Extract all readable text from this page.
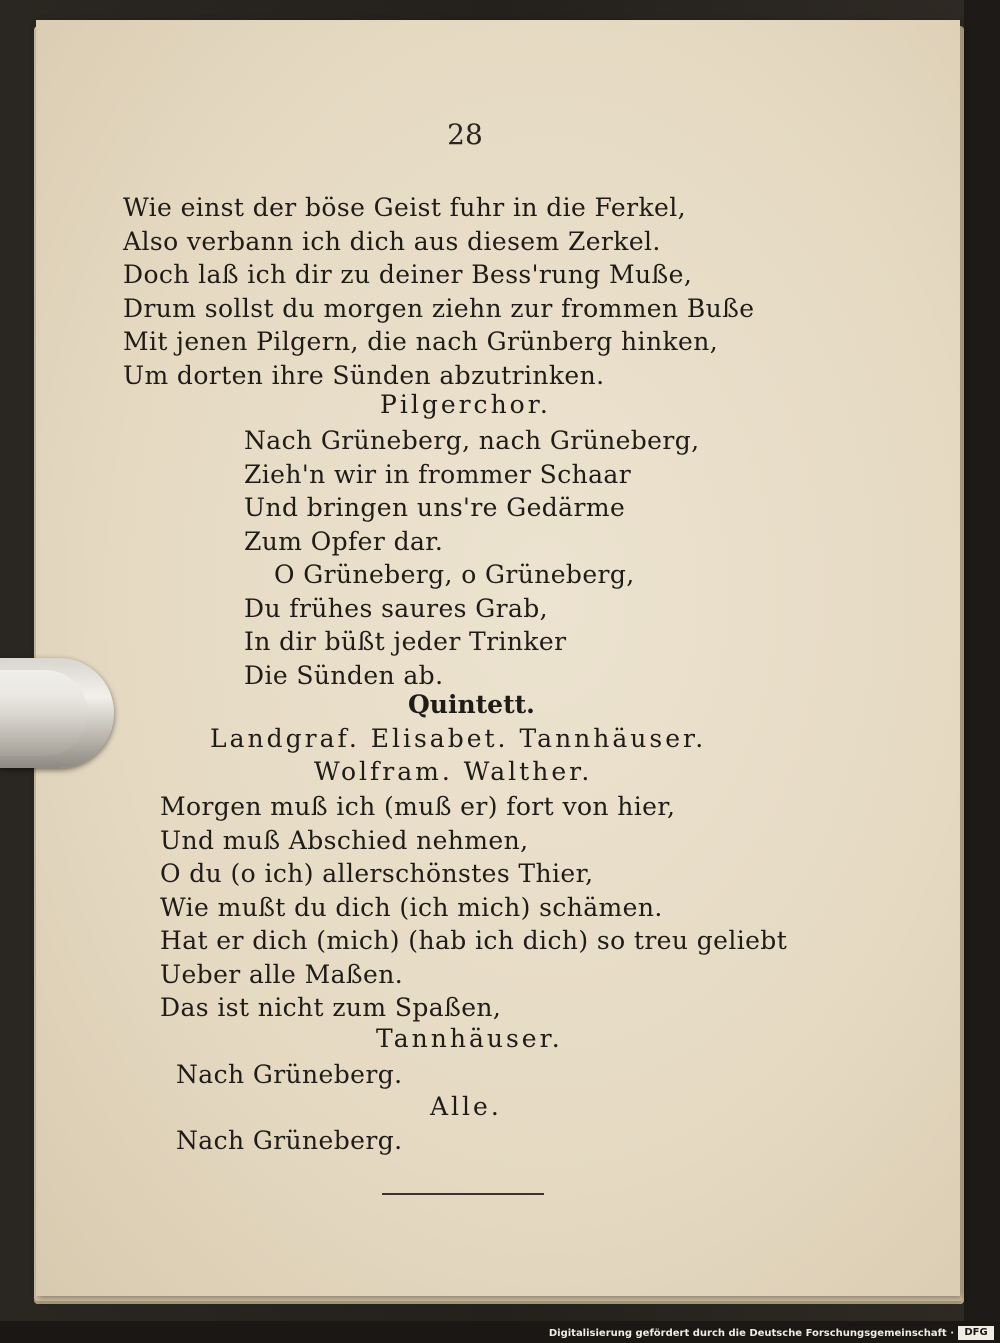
28
Wie einst der böse Geist fuhr in die Ferkel,
Also verbann ich dich aus diesem Zerkel.
Doch laß ich dir zu deiner Bess'rung Muße,
Drum sollst du morgen ziehn zur frommen Buße
Mit jenen Pilgern, die nach Grünberg hinken,
Um dorten ihre Sünden abzutrinken.
Pilgerchor.
Nach Grüneberg, nach Grüneberg,
Zieh'n wir in frommer Schaar
Und bringen uns're Gedärme
Zum Opfer dar.
O Grüneberg, o Grüneberg,
Du frühes saures Grab,
In dir büßt jeder Trinker
Die Sünden ab.
Quintett.
Landgraf. Elisabet. Tannhäuser.
Wolfram. Walther.
Morgen muß ich (muß er) fort von hier,
Und muß Abschied nehmen,
O du (o ich) allerschönstes Thier,
Wie mußt du dich (ich mich) schämen.
Hat er dich (mich) (hab ich dich) so treu geliebt
Ueber alle Maßen.
Das ist nicht zum Spaßen,
Tannhäuser.
Nach Grüneberg.
Alle.
Nach Grüneberg.
Digitalisierung gefördert durch die Deutsche Forschungsgemeinschaft ·	DFG
